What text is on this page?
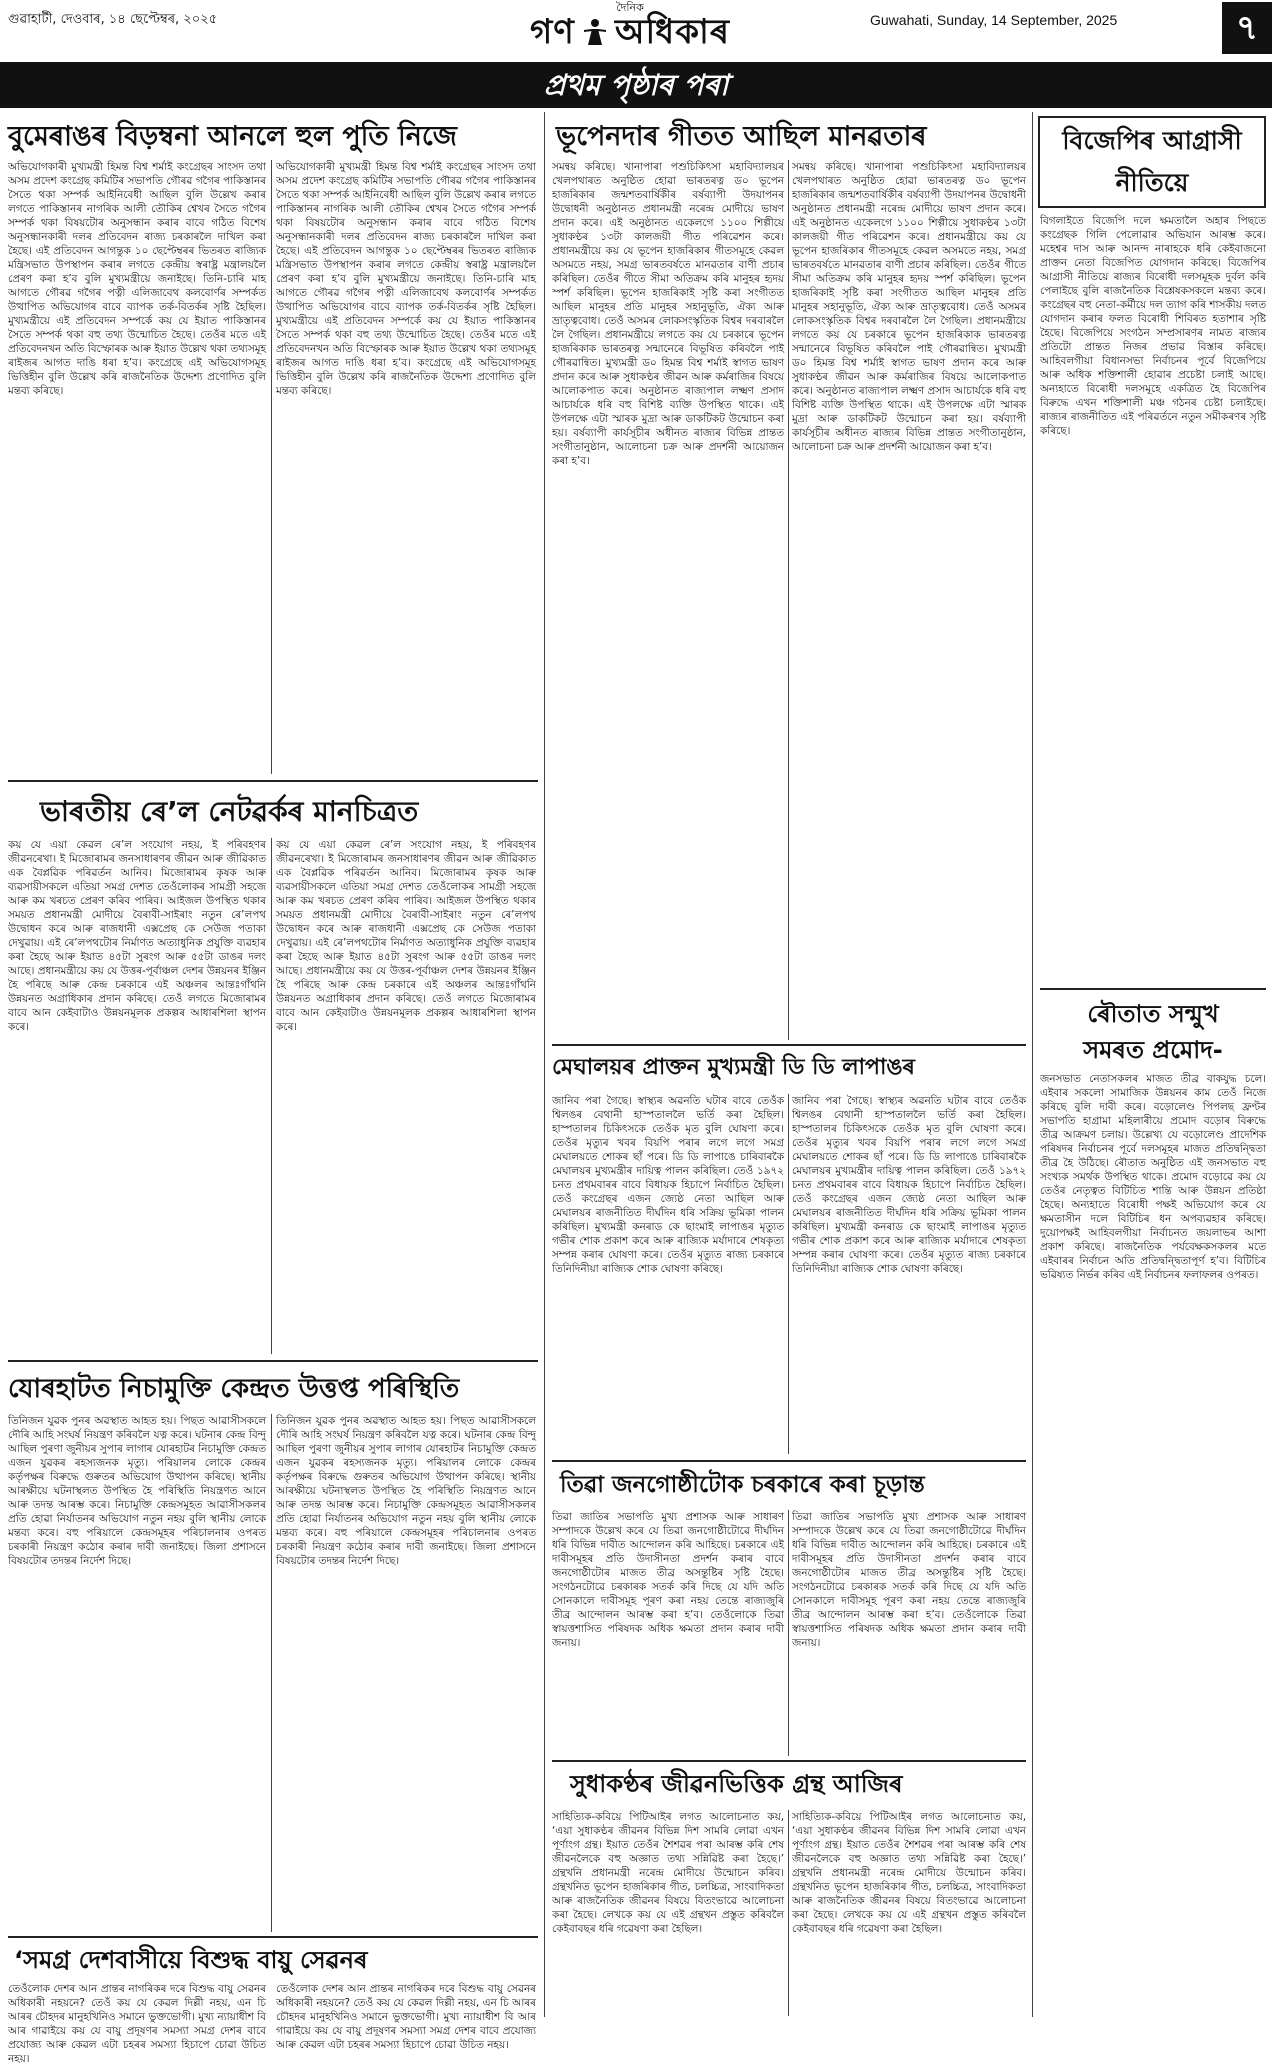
গুৱাহাটী, দেওবাৰ, ১৪ ছেপ্টেম্বৰ, ২০২৫
দৈনিক
গণ অধিকাৰ	Guwahati, Sunday, 14 September, 2025	৭
প্ৰথম পৃষ্ঠাৰ পৰা
বুমেৰাঙৰ বিড়ম্বনা আনলে হুল পুতি নিজে
অভিযোগকাৰী মুখ্যমন্ত্ৰী হিমন্ত বিশ্ব শৰ্মাই কংগ্ৰেছৰ সাংসদ তথা অসম প্ৰদেশ কংগ্ৰেছ কমিটিৰ সভাপতি গৌৰৱ গগৈৰ পাকিস্তানৰ সৈতে থকা সম্পৰ্ক আইনিবেধী আছিল বুলি উল্লেখ কৰাৰ লগতে পাকিস্তানৰ নাগৰিক আলী তৌকিৰ শ্বেখৰ সৈতে গগৈৰ সম্পৰ্ক থকা বিষয়টোৰ অনুসন্ধান কৰাৰ বাবে গঠিত বিশেষ অনুসন্ধানকাৰী দলৰ প্ৰতিবেদন ৰাজ্য চৰকাৰলৈ দাখিল কৰা হৈছে। এই প্ৰতিবেদন আগন্তুক ১০ ছেপ্টেম্বৰৰ ভিতৰত ৰাজ্যিক মন্ত্ৰিসভাত উপস্থাপন কৰাৰ লগতে কেন্দ্ৰীয় স্বৰাষ্ট্ৰ মন্ত্ৰালয়লৈ প্ৰেৰণ কৰা হ’ব বুলি মুখ্যমন্ত্ৰীয়ে জনাইছে। তিনি-চাৰি মাহ আগতে গৌৰৱ গগৈৰ পত্নী এলিজাবেথ কলবোৰ্ণৰ সম্পৰ্কত উত্থাপিত অভিযোগৰ বাবে ব্যাপক তৰ্ক-বিতৰ্কৰ সৃষ্টি হৈছিল। মুখ্যমন্ত্ৰীয়ে এই প্ৰতিবেদন সম্পৰ্কে কয় যে ইয়াত পাকিস্তানৰ সৈতে সম্পৰ্ক থকা বহু তথ্য উন্মোচিত হৈছে। তেওঁৰ মতে এই প্ৰতিবেদনখন অতি বিস্ফোৰক আৰু ইয়াত উল্লেখ থকা তথ্যসমূহ ৰাইজৰ আগত দাঙি ধৰা হ’ব। কংগ্ৰেছে এই অভিযোগসমূহ ভিত্তিহীন বুলি উল্লেখ কৰি ৰাজনৈতিক উদ্দেশ্য প্ৰণোদিত বুলি মন্তব্য কৰিছে।
অভিযোগকাৰী মুখ্যমন্ত্ৰী হিমন্ত বিশ্ব শৰ্মাই কংগ্ৰেছৰ সাংসদ তথা অসম প্ৰদেশ কংগ্ৰেছ কমিটিৰ সভাপতি গৌৰৱ গগৈৰ পাকিস্তানৰ সৈতে থকা সম্পৰ্ক আইনিবেধী আছিল বুলি উল্লেখ কৰাৰ লগতে পাকিস্তানৰ নাগৰিক আলী তৌকিৰ শ্বেখৰ সৈতে গগৈৰ সম্পৰ্ক থকা বিষয়টোৰ অনুসন্ধান কৰাৰ বাবে গঠিত বিশেষ অনুসন্ধানকাৰী দলৰ প্ৰতিবেদন ৰাজ্য চৰকাৰলৈ দাখিল কৰা হৈছে। এই প্ৰতিবেদন আগন্তুক ১০ ছেপ্টেম্বৰৰ ভিতৰত ৰাজ্যিক মন্ত্ৰিসভাত উপস্থাপন কৰাৰ লগতে কেন্দ্ৰীয় স্বৰাষ্ট্ৰ মন্ত্ৰালয়লৈ প্ৰেৰণ কৰা হ’ব বুলি মুখ্যমন্ত্ৰীয়ে জনাইছে। তিনি-চাৰি মাহ আগতে গৌৰৱ গগৈৰ পত্নী এলিজাবেথ কলবোৰ্ণৰ সম্পৰ্কত উত্থাপিত অভিযোগৰ বাবে ব্যাপক তৰ্ক-বিতৰ্কৰ সৃষ্টি হৈছিল। মুখ্যমন্ত্ৰীয়ে এই প্ৰতিবেদন সম্পৰ্কে কয় যে ইয়াত পাকিস্তানৰ সৈতে সম্পৰ্ক থকা বহু তথ্য উন্মোচিত হৈছে। তেওঁৰ মতে এই প্ৰতিবেদনখন অতি বিস্ফোৰক আৰু ইয়াত উল্লেখ থকা তথ্যসমূহ ৰাইজৰ আগত দাঙি ধৰা হ’ব। কংগ্ৰেছে এই অভিযোগসমূহ ভিত্তিহীন বুলি উল্লেখ কৰি ৰাজনৈতিক উদ্দেশ্য প্ৰণোদিত বুলি মন্তব্য কৰিছে।
ভাৰতীয় ৰে’ল নেটৱৰ্কৰ মানচিত্ৰত
কয় যে এয়া কেৱল ৰে’ল সংযোগ নহয়, ই পৰিবহণৰ জীৱনৰেখা। ই মিজোৰামৰ জনসাধাৰণৰ জীৱন আৰু জীৱিকাত এক বৈপ্লৱিক পৰিৱৰ্তন আনিব। মিজোৰামৰ কৃষক আৰু ব্যৱসায়ীসকলে এতিয়া সমগ্ৰ দেশত তেওঁলোকৰ সামগ্ৰী সহজে আৰু কম খৰচত প্ৰেৰণ কৰিব পাৰিব। আইজল উপস্থিত থকাৰ সময়ত প্ৰধানমন্ত্ৰী মোদীয়ে বৈৰাবী-সাইৰাং নতুন ৰে’লপথ উদ্বোধন কৰে আৰু ৰাজধানী এক্সপ্ৰেছ কে সেউজ পতাকা দেখুৱায়। এই ৰে’লপথটোৰ নিৰ্মাণত অত্যাধুনিক প্ৰযুক্তি ব্যৱহাৰ কৰা হৈছে আৰু ইয়াত ৪৫টা সুৰংগ আৰু ৫৫টা ডাঙৰ দলং আছে। প্ৰধানমন্ত্ৰীয়ে কয় যে উত্তৰ-পূৰ্বাঞ্চল দেশৰ উন্নয়নৰ ইঞ্জিন হৈ পৰিছে আৰু কেন্দ্ৰ চৰকাৰে এই অঞ্চলৰ আন্তঃগাঁথনি উন্নয়নত অগ্ৰাধিকাৰ প্ৰদান কৰিছে। তেওঁ লগতে মিজোৰামৰ বাবে আন কেইবাটাও উন্নয়নমূলক প্ৰকল্পৰ আধাৰশিলা স্থাপন কৰে।
কয় যে এয়া কেৱল ৰে’ল সংযোগ নহয়, ই পৰিবহণৰ জীৱনৰেখা। ই মিজোৰামৰ জনসাধাৰণৰ জীৱন আৰু জীৱিকাত এক বৈপ্লৱিক পৰিৱৰ্তন আনিব। মিজোৰামৰ কৃষক আৰু ব্যৱসায়ীসকলে এতিয়া সমগ্ৰ দেশত তেওঁলোকৰ সামগ্ৰী সহজে আৰু কম খৰচত প্ৰেৰণ কৰিব পাৰিব। আইজল উপস্থিত থকাৰ সময়ত প্ৰধানমন্ত্ৰী মোদীয়ে বৈৰাবী-সাইৰাং নতুন ৰে’লপথ উদ্বোধন কৰে আৰু ৰাজধানী এক্সপ্ৰেছ কে সেউজ পতাকা দেখুৱায়। এই ৰে’লপথটোৰ নিৰ্মাণত অত্যাধুনিক প্ৰযুক্তি ব্যৱহাৰ কৰা হৈছে আৰু ইয়াত ৪৫টা সুৰংগ আৰু ৫৫টা ডাঙৰ দলং আছে। প্ৰধানমন্ত্ৰীয়ে কয় যে উত্তৰ-পূৰ্বাঞ্চল দেশৰ উন্নয়নৰ ইঞ্জিন হৈ পৰিছে আৰু কেন্দ্ৰ চৰকাৰে এই অঞ্চলৰ আন্তঃগাঁথনি উন্নয়নত অগ্ৰাধিকাৰ প্ৰদান কৰিছে। তেওঁ লগতে মিজোৰামৰ বাবে আন কেইবাটাও উন্নয়নমূলক প্ৰকল্পৰ আধাৰশিলা স্থাপন কৰে।
যোৰহাটত নিচামুক্তি কেন্দ্ৰত উত্তপ্ত পৰিস্থিতি
তিনিজন যুৱক পুনৰ অৱস্থাত আহত হয়। পিছত আৱাসীসকলে দৌৰি আহি সংঘৰ্ষ নিয়ন্ত্ৰণ কৰিবলৈ যত্ন কৰে। ঘটনাৰ কেন্দ্ৰ বিন্দু আছিল পুৰণা জুনীয়ৰ সুপাৰ লাগাৰ যোৰহাটৰ নিচামুক্তি কেন্দ্ৰত এজন যুৱকৰ ৰহস্যজনক মৃত্যু। পৰিয়ালৰ লোকে কেন্দ্ৰৰ কৰ্তৃপক্ষৰ বিৰুদ্ধে গুৰুতৰ অভিযোগ উত্থাপন কৰিছে। স্থানীয় আৰক্ষীয়ে ঘটনাস্থলত উপস্থিত হৈ পৰিস্থিতি নিয়ন্ত্ৰণত আনে আৰু তদন্ত আৰম্ভ কৰে। নিচামুক্তি কেন্দ্ৰসমূহত আৱাসীসকলৰ প্ৰতি হোৱা নিৰ্যাতনৰ অভিযোগ নতুন নহয় বুলি স্থানীয় লোকে মন্তব্য কৰে। বহু পৰিয়ালে কেন্দ্ৰসমূহৰ পৰিচালনাৰ ওপৰত চৰকাৰী নিয়ন্ত্ৰণ কঠোৰ কৰাৰ দাবী জনাইছে। জিলা প্ৰশাসনে বিষয়টোৰ তদন্তৰ নিৰ্দেশ দিছে।
তিনিজন যুৱক পুনৰ অৱস্থাত আহত হয়। পিছত আৱাসীসকলে দৌৰি আহি সংঘৰ্ষ নিয়ন্ত্ৰণ কৰিবলৈ যত্ন কৰে। ঘটনাৰ কেন্দ্ৰ বিন্দু আছিল পুৰণা জুনীয়ৰ সুপাৰ লাগাৰ যোৰহাটৰ নিচামুক্তি কেন্দ্ৰত এজন যুৱকৰ ৰহস্যজনক মৃত্যু। পৰিয়ালৰ লোকে কেন্দ্ৰৰ কৰ্তৃপক্ষৰ বিৰুদ্ধে গুৰুতৰ অভিযোগ উত্থাপন কৰিছে। স্থানীয় আৰক্ষীয়ে ঘটনাস্থলত উপস্থিত হৈ পৰিস্থিতি নিয়ন্ত্ৰণত আনে আৰু তদন্ত আৰম্ভ কৰে। নিচামুক্তি কেন্দ্ৰসমূহত আৱাসীসকলৰ প্ৰতি হোৱা নিৰ্যাতনৰ অভিযোগ নতুন নহয় বুলি স্থানীয় লোকে মন্তব্য কৰে। বহু পৰিয়ালে কেন্দ্ৰসমূহৰ পৰিচালনাৰ ওপৰত চৰকাৰী নিয়ন্ত্ৰণ কঠোৰ কৰাৰ দাবী জনাইছে। জিলা প্ৰশাসনে বিষয়টোৰ তদন্তৰ নিৰ্দেশ দিছে।
‘সমগ্ৰ দেশবাসীয়ে বিশুদ্ধ বায়ু সেৱনৰ
তেওঁলোক দেশৰ আন প্ৰান্তৰ নাগৰিকৰ দৰে বিশুদ্ধ বায়ু সেৱনৰ অধিকাৰী নহয়নে? তেওঁ কয় যে কেৱল দিল্লী নহয়, এন চি আৰৰ চৌহদৰ মানুহখিনিও সমানে ভুক্তভোগী। মুখ্য ন্যায়াধীশ বি আৰ গাৱাইয়ে কয় যে বায়ু প্ৰদূষণৰ সমস্যা সমগ্ৰ দেশৰ বাবে প্ৰযোজ্য আৰু কেৱল এটা চহৰৰ সমস্যা হিচাপে চোৱা উচিত নহয়।
তেওঁলোক দেশৰ আন প্ৰান্তৰ নাগৰিকৰ দৰে বিশুদ্ধ বায়ু সেৱনৰ অধিকাৰী নহয়নে? তেওঁ কয় যে কেৱল দিল্লী নহয়, এন চি আৰৰ চৌহদৰ মানুহখিনিও সমানে ভুক্তভোগী। মুখ্য ন্যায়াধীশ বি আৰ গাৱাইয়ে কয় যে বায়ু প্ৰদূষণৰ সমস্যা সমগ্ৰ দেশৰ বাবে প্ৰযোজ্য আৰু কেৱল এটা চহৰৰ সমস্যা হিচাপে চোৱা উচিত নহয়।
ভূপেনদাৰ গীতত আছিল মানৱতাৰ
সমন্বয় কৰিছে। খানাপাৰা পশুচিকিৎসা মহাবিদ্যালয়ৰ খেলপথাৰত অনুষ্ঠিত হোৱা ভাৰতৰত্ন ড০ ভূপেন হাজৰিকাৰ জন্মশতবাৰ্ষিকীৰ বৰ্ষব্যাপী উদযাপনৰ উদ্বোধনী অনুষ্ঠানত প্ৰধানমন্ত্ৰী নৰেন্দ্ৰ মোদীয়ে ভাষণ প্ৰদান কৰে। এই অনুষ্ঠানত একেলগে ১১০০ শিল্পীয়ে সুধাকণ্ঠৰ ১৩টা কালজয়ী গীত পৰিৱেশন কৰে। প্ৰধানমন্ত্ৰীয়ে কয় যে ভূপেন হাজৰিকাৰ গীতসমূহে কেৱল অসমতে নহয়, সমগ্ৰ ভাৰতবৰ্ষতে মানৱতাৰ বাণী প্ৰচাৰ কৰিছিল। তেওঁৰ গীতে সীমা অতিক্ৰম কৰি মানুহৰ হৃদয় স্পৰ্শ কৰিছিল। ভূপেন হাজৰিকাই সৃষ্টি কৰা সংগীতত আছিল মানুহৰ প্ৰতি মানুহৰ সহানুভূতি, ঐক্য আৰু ভ্ৰাতৃত্ববোধ। তেওঁ অসমৰ লোকসংস্কৃতিক বিশ্বৰ দৰবাৰলৈ লৈ গৈছিল। প্ৰধানমন্ত্ৰীয়ে লগতে কয় যে চৰকাৰে ভূপেন হাজৰিকাক ভাৰতৰত্ন সন্মানেৰে বিভূষিত কৰিবলৈ পাই গৌৰৱান্বিত। মুখ্যমন্ত্ৰী ড০ হিমন্ত বিশ্ব শৰ্মাই স্বাগত ভাষণ প্ৰদান কৰে আৰু সুধাকণ্ঠৰ জীৱন আৰু কৰ্মৰাজিৰ বিষয়ে আলোকপাত কৰে। অনুষ্ঠানত ৰাজ্যপাল লক্ষ্মণ প্ৰসাদ আচাৰ্যকে ধৰি বহু বিশিষ্ট ব্যক্তি উপস্থিত থাকে। এই উপলক্ষে এটা স্মাৰক মুদ্ৰা আৰু ডাকটিকট উন্মোচন কৰা হয়। বৰ্ষব্যাপী কাৰ্যসূচীৰ অধীনত ৰাজ্যৰ বিভিন্ন প্ৰান্তত সংগীতানুষ্ঠান, আলোচনা চক্ৰ আৰু প্ৰদৰ্শনী আয়োজন কৰা হ’ব।
সমন্বয় কৰিছে। খানাপাৰা পশুচিকিৎসা মহাবিদ্যালয়ৰ খেলপথাৰত অনুষ্ঠিত হোৱা ভাৰতৰত্ন ড০ ভূপেন হাজৰিকাৰ জন্মশতবাৰ্ষিকীৰ বৰ্ষব্যাপী উদযাপনৰ উদ্বোধনী অনুষ্ঠানত প্ৰধানমন্ত্ৰী নৰেন্দ্ৰ মোদীয়ে ভাষণ প্ৰদান কৰে। এই অনুষ্ঠানত একেলগে ১১০০ শিল্পীয়ে সুধাকণ্ঠৰ ১৩টা কালজয়ী গীত পৰিৱেশন কৰে। প্ৰধানমন্ত্ৰীয়ে কয় যে ভূপেন হাজৰিকাৰ গীতসমূহে কেৱল অসমতে নহয়, সমগ্ৰ ভাৰতবৰ্ষতে মানৱতাৰ বাণী প্ৰচাৰ কৰিছিল। তেওঁৰ গীতে সীমা অতিক্ৰম কৰি মানুহৰ হৃদয় স্পৰ্শ কৰিছিল। ভূপেন হাজৰিকাই সৃষ্টি কৰা সংগীতত আছিল মানুহৰ প্ৰতি মানুহৰ সহানুভূতি, ঐক্য আৰু ভ্ৰাতৃত্ববোধ। তেওঁ অসমৰ লোকসংস্কৃতিক বিশ্বৰ দৰবাৰলৈ লৈ গৈছিল। প্ৰধানমন্ত্ৰীয়ে লগতে কয় যে চৰকাৰে ভূপেন হাজৰিকাক ভাৰতৰত্ন সন্মানেৰে বিভূষিত কৰিবলৈ পাই গৌৰৱান্বিত। মুখ্যমন্ত্ৰী ড০ হিমন্ত বিশ্ব শৰ্মাই স্বাগত ভাষণ প্ৰদান কৰে আৰু সুধাকণ্ঠৰ জীৱন আৰু কৰ্মৰাজিৰ বিষয়ে আলোকপাত কৰে। অনুষ্ঠানত ৰাজ্যপাল লক্ষ্মণ প্ৰসাদ আচাৰ্যকে ধৰি বহু বিশিষ্ট ব্যক্তি উপস্থিত থাকে। এই উপলক্ষে এটা স্মাৰক মুদ্ৰা আৰু ডাকটিকট উন্মোচন কৰা হয়। বৰ্ষব্যাপী কাৰ্যসূচীৰ অধীনত ৰাজ্যৰ বিভিন্ন প্ৰান্তত সংগীতানুষ্ঠান, আলোচনা চক্ৰ আৰু প্ৰদৰ্শনী আয়োজন কৰা হ’ব।
মেঘালয়ৰ প্ৰাক্তন মুখ্যমন্ত্ৰী ডি ডি লাপাঙৰ
জানিব পৰা গৈছে। স্বাস্থ্যৰ অৱনতি ঘটাৰ বাবে তেওঁক শ্বিলঙৰ বেথানী হাস্পতাললৈ ভৰ্তি কৰা হৈছিল। হাস্পতালৰ চিকিৎসকে তেওঁক মৃত বুলি ঘোষণা কৰে। তেওঁৰ মৃত্যুৰ খবৰ বিয়পি পৰাৰ লগে লগে সমগ্ৰ মেঘালয়তে শোকৰ ছাঁ পৰে। ডি ডি লাপাঙে চাৰিবাৰকৈ মেঘালয়ৰ মুখ্যমন্ত্ৰীৰ দায়িত্ব পালন কৰিছিল। তেওঁ ১৯৭২ চনত প্ৰথমবাৰৰ বাবে বিধায়ক হিচাপে নিৰ্বাচিত হৈছিল। তেওঁ কংগ্ৰেছৰ এজন জ্যেষ্ঠ নেতা আছিল আৰু মেঘালয়ৰ ৰাজনীতিত দীৰ্ঘদিন ধৰি সক্ৰিয় ভূমিকা পালন কৰিছিল। মুখ্যমন্ত্ৰী কনৰাড কে ছাংমাই লাপাঙৰ মৃত্যুত গভীৰ শোক প্ৰকাশ কৰে আৰু ৰাজ্যিক মৰ্যাদাৰে শেষকৃত্য সম্পন্ন কৰাৰ ঘোষণা কৰে। তেওঁৰ মৃত্যুত ৰাজ্য চৰকাৰে তিনিদিনীয়া ৰাজ্যিক শোক ঘোষণা কৰিছে।
জানিব পৰা গৈছে। স্বাস্থ্যৰ অৱনতি ঘটাৰ বাবে তেওঁক শ্বিলঙৰ বেথানী হাস্পতাললৈ ভৰ্তি কৰা হৈছিল। হাস্পতালৰ চিকিৎসকে তেওঁক মৃত বুলি ঘোষণা কৰে। তেওঁৰ মৃত্যুৰ খবৰ বিয়পি পৰাৰ লগে লগে সমগ্ৰ মেঘালয়তে শোকৰ ছাঁ পৰে। ডি ডি লাপাঙে চাৰিবাৰকৈ মেঘালয়ৰ মুখ্যমন্ত্ৰীৰ দায়িত্ব পালন কৰিছিল। তেওঁ ১৯৭২ চনত প্ৰথমবাৰৰ বাবে বিধায়ক হিচাপে নিৰ্বাচিত হৈছিল। তেওঁ কংগ্ৰেছৰ এজন জ্যেষ্ঠ নেতা আছিল আৰু মেঘালয়ৰ ৰাজনীতিত দীৰ্ঘদিন ধৰি সক্ৰিয় ভূমিকা পালন কৰিছিল। মুখ্যমন্ত্ৰী কনৰাড কে ছাংমাই লাপাঙৰ মৃত্যুত গভীৰ শোক প্ৰকাশ কৰে আৰু ৰাজ্যিক মৰ্যাদাৰে শেষকৃত্য সম্পন্ন কৰাৰ ঘোষণা কৰে। তেওঁৰ মৃত্যুত ৰাজ্য চৰকাৰে তিনিদিনীয়া ৰাজ্যিক শোক ঘোষণা কৰিছে।
তিৱা জনগোষ্ঠীটোক চৰকাৰে কৰা চূড়ান্ত
তিৱা জাতিৰ সভাপতি মুখ্য প্ৰশাসক আৰু সাধাৰণ সম্পাদকে উল্লেখ কৰে যে তিৱা জনগোষ্ঠীটোৱে দীৰ্ঘদিন ধৰি বিভিন্ন দাবীত আন্দোলন কৰি আহিছে। চৰকাৰে এই দাবীসমূহৰ প্ৰতি উদাসীনতা প্ৰদৰ্শন কৰাৰ বাবে জনগোষ্ঠীটোৰ মাজত তীব্ৰ অসন্তুষ্টিৰ সৃষ্টি হৈছে। সংগঠনটোৱে চৰকাৰক সতৰ্ক কৰি দিছে যে যদি অতি সোনকালে দাবীসমূহ পূৰণ কৰা নহয় তেন্তে ৰাজ্যজুৰি তীব্ৰ আন্দোলন আৰম্ভ কৰা হ’ব। তেওঁলোকে তিৱা স্বায়ত্তশাসিত পৰিষদক অধিক ক্ষমতা প্ৰদান কৰাৰ দাবী জনায়।
তিৱা জাতিৰ সভাপতি মুখ্য প্ৰশাসক আৰু সাধাৰণ সম্পাদকে উল্লেখ কৰে যে তিৱা জনগোষ্ঠীটোৱে দীৰ্ঘদিন ধৰি বিভিন্ন দাবীত আন্দোলন কৰি আহিছে। চৰকাৰে এই দাবীসমূহৰ প্ৰতি উদাসীনতা প্ৰদৰ্শন কৰাৰ বাবে জনগোষ্ঠীটোৰ মাজত তীব্ৰ অসন্তুষ্টিৰ সৃষ্টি হৈছে। সংগঠনটোৱে চৰকাৰক সতৰ্ক কৰি দিছে যে যদি অতি সোনকালে দাবীসমূহ পূৰণ কৰা নহয় তেন্তে ৰাজ্যজুৰি তীব্ৰ আন্দোলন আৰম্ভ কৰা হ’ব। তেওঁলোকে তিৱা স্বায়ত্তশাসিত পৰিষদক অধিক ক্ষমতা প্ৰদান কৰাৰ দাবী জনায়।
সুধাকণ্ঠৰ জীৱনভিত্তিক গ্ৰন্থ আজিৰ
সাহিত্যিক-কবিয়ে পিটিআইৰ লগত আলোচনাত কয়, ‘এয়া সুধাকণ্ঠৰ জীৱনৰ বিভিন্ন দিশ সামৰি লোৱা এখন পূৰ্ণাংগ গ্ৰন্থ। ইয়াত তেওঁৰ শৈশৱৰ পৰা আৰম্ভ কৰি শেষ জীৱনলৈকে বহু অজ্ঞাত তথ্য সন্নিৱিষ্ট কৰা হৈছে।’ গ্ৰন্থখনি প্ৰধানমন্ত্ৰী নৰেন্দ্ৰ মোদীয়ে উন্মোচন কৰিব। গ্ৰন্থখনিত ভূপেন হাজৰিকাৰ গীত, চলচ্চিত্ৰ, সাংবাদিকতা আৰু ৰাজনৈতিক জীৱনৰ বিষয়ে বিতংভাৱে আলোচনা কৰা হৈছে। লেখকে কয় যে এই গ্ৰন্থখন প্ৰস্তুত কৰিবলৈ কেইবাবছৰ ধৰি গৱেষণা কৰা হৈছিল।
সাহিত্যিক-কবিয়ে পিটিআইৰ লগত আলোচনাত কয়, ‘এয়া সুধাকণ্ঠৰ জীৱনৰ বিভিন্ন দিশ সামৰি লোৱা এখন পূৰ্ণাংগ গ্ৰন্থ। ইয়াত তেওঁৰ শৈশৱৰ পৰা আৰম্ভ কৰি শেষ জীৱনলৈকে বহু অজ্ঞাত তথ্য সন্নিৱিষ্ট কৰা হৈছে।’ গ্ৰন্থখনি প্ৰধানমন্ত্ৰী নৰেন্দ্ৰ মোদীয়ে উন্মোচন কৰিব। গ্ৰন্থখনিত ভূপেন হাজৰিকাৰ গীত, চলচ্চিত্ৰ, সাংবাদিকতা আৰু ৰাজনৈতিক জীৱনৰ বিষয়ে বিতংভাৱে আলোচনা কৰা হৈছে। লেখকে কয় যে এই গ্ৰন্থখন প্ৰস্তুত কৰিবলৈ কেইবাবছৰ ধৰি গৱেষণা কৰা হৈছিল।
বিজেপিৰ আগ্ৰাসী নীতিয়ে
বিগলাইতে বিজেপি দলে ক্ষমতালৈ অহাৰ পিছতে কংগ্ৰেছক গিলি পেলোৱাৰ অভিযান আৰম্ভ কৰে। মহেশ্বৰ দাস আৰু আনন্দ নাৰাহকে ধৰি কেইবাজনো প্ৰাক্তন নেতা বিজেপিত যোগদান কৰিছে। বিজেপিৰ আগ্ৰাসী নীতিয়ে ৰাজ্যৰ বিৰোধী দলসমূহক দুৰ্বল কৰি পেলাইছে বুলি ৰাজনৈতিক বিশ্লেষকসকলে মন্তব্য কৰে। কংগ্ৰেছৰ বহু নেতা-কৰ্মীয়ে দল ত্যাগ কৰি শাসকীয় দলত যোগদান কৰাৰ ফলত বিৰোধী শিবিৰত হতাশাৰ সৃষ্টি হৈছে। বিজেপিয়ে সংগঠন সম্প্ৰসাৰণৰ নামত ৰাজ্যৰ প্ৰতিটো প্ৰান্তত নিজৰ প্ৰভাৱ বিস্তাৰ কৰিছে। আহিবলগীয়া বিধানসভা নিৰ্বাচনৰ পূৰ্বে বিজেপিয়ে আৰু অধিক শক্তিশালী হোৱাৰ প্ৰচেষ্টা চলাই আছে। অন্যহাতে বিৰোধী দলসমূহে একত্ৰিত হৈ বিজেপিৰ বিৰুদ্ধে এখন শক্তিশালী মঞ্চ গঠনৰ চেষ্টা চলাইছে। ৰাজ্যৰ ৰাজনীতিত এই পৰিৱৰ্তনে নতুন সমীকৰণৰ সৃষ্টি কৰিছে।
ৰৌতাত সন্মুখ
সমৰত প্ৰমোদ-
জনসভাত নেতাসকলৰ মাজত তীব্ৰ বাকযুদ্ধ চলে। এইবাৰ সকলো সামাজিক উন্নয়নৰ কাম তেওঁ নিজে কৰিছে বুলি দাবী কৰে। বড়োলেণ্ড পিপলছ ফ্ৰণ্টৰ সভাপতি হাগ্ৰামা মহিলাৰীয়ে প্ৰমোদ বড়োৰ বিৰুদ্ধে তীব্ৰ আক্ৰমণ চলায়। উল্লেখ্য যে বড়োলেণ্ড প্ৰাদেশিক পৰিষদৰ নিৰ্বাচনৰ পূৰ্বে দলসমূহৰ মাজত প্ৰতিদ্বন্দ্বিতা তীব্ৰ হৈ উঠিছে। ৰৌতাত অনুষ্ঠিত এই জনসভাত বহু সংখ্যক সমৰ্থক উপস্থিত থাকে। প্ৰমোদ বড়োৱে কয় যে তেওঁৰ নেতৃত্বত বিটিচিত শান্তি আৰু উন্নয়ন প্ৰতিষ্ঠা হৈছে। অন্যহাতে বিৰোধী পক্ষই অভিযোগ কৰে যে ক্ষমতাসীন দলে বিটিচিৰ ধন অপব্যৱহাৰ কৰিছে। দুয়োপক্ষই আহিবলগীয়া নিৰ্বাচনত জয়লাভৰ আশা প্ৰকাশ কৰিছে। ৰাজনৈতিক পৰ্যবেক্ষকসকলৰ মতে এইবাৰৰ নিৰ্বাচন অতি প্ৰতিদ্বন্দ্বিতাপূৰ্ণ হ’ব। বিটিচিৰ ভৱিষ্যত নিৰ্ভৰ কৰিব এই নিৰ্বাচনৰ ফলাফলৰ ওপৰত।
